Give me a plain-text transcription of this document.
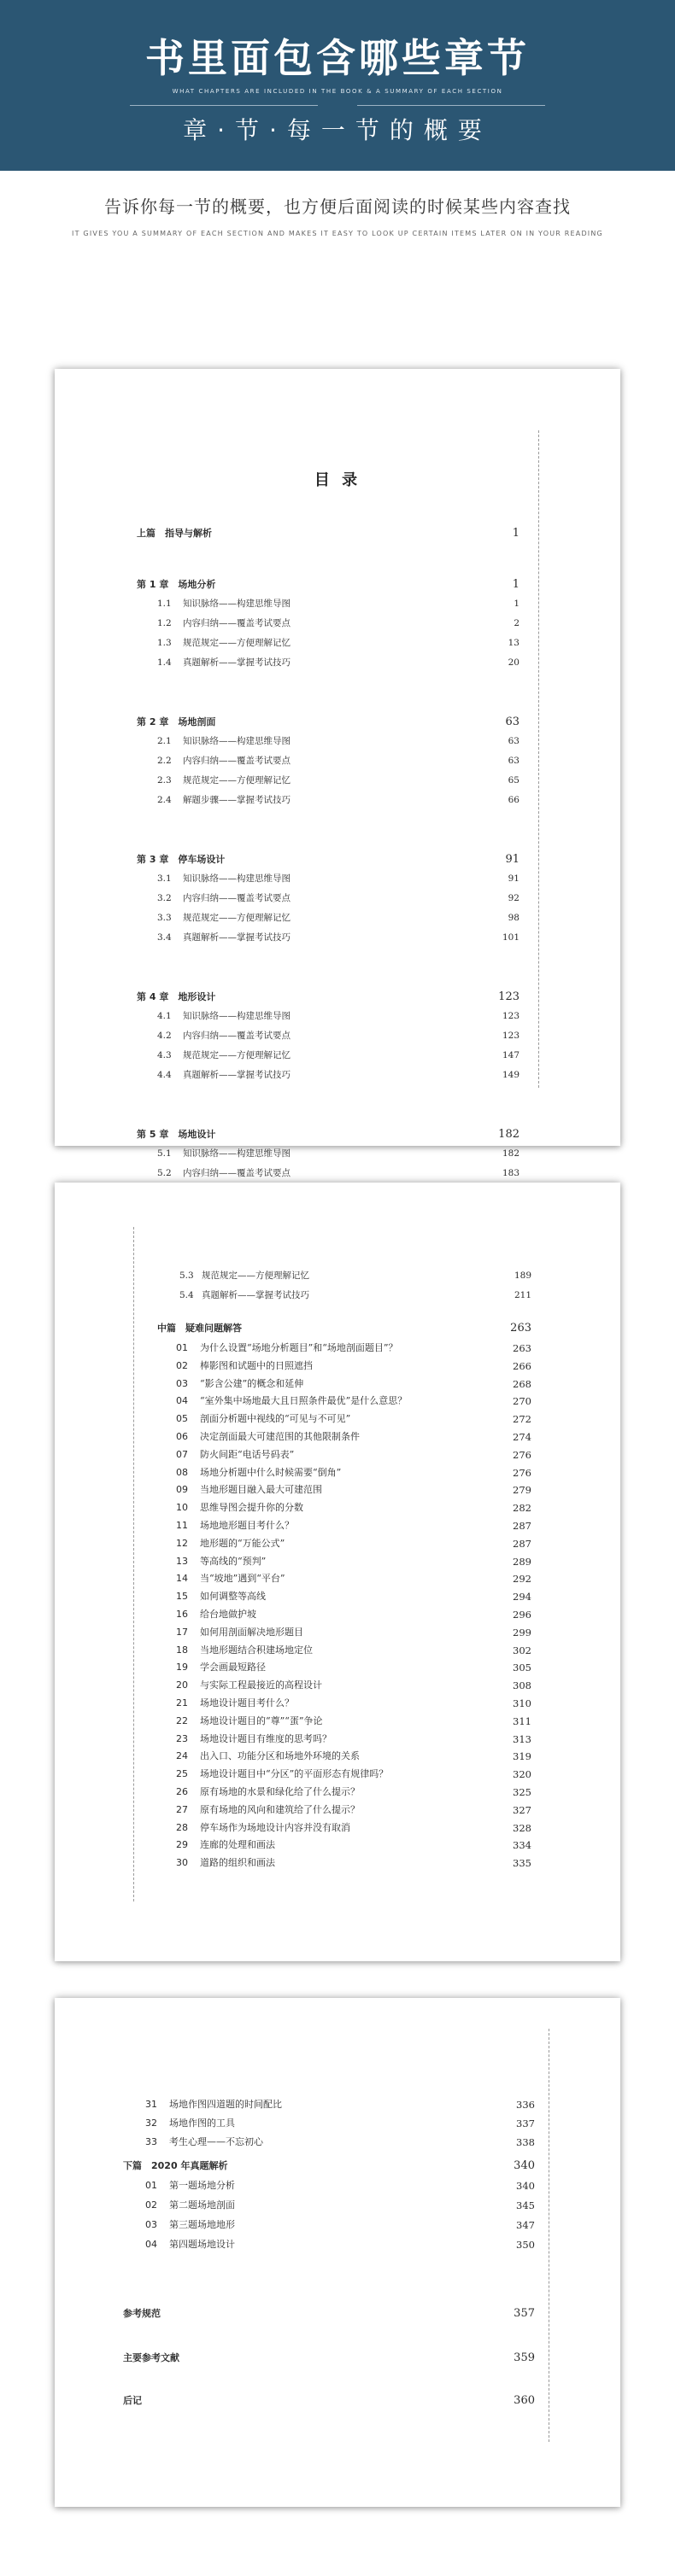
书里面包含哪些章节
WHAT CHAPTERS ARE INCLUDED IN THE BOOK & A SUMMARY OF EACH SECTION
章·节·每一节的概要
告诉你每一节的概要，也方便后面阅读的时候某些内容查找
IT GIVES YOU A SUMMARY OF EACH SECTION AND MAKES IT EASY TO LOOK UP CERTAIN ITEMS LATER ON IN YOUR READING
目 录
上篇　指导与解析	1
第 1 章　场地分析	1
1.1 知识脉络——构建思维导图	1
1.2 内容归纳——覆盖考试要点	2
1.3 规范规定——方便理解记忆	13
1.4 真题解析——掌握考试技巧	20
第 2 章　场地剖面	63
2.1 知识脉络——构建思维导图	63
2.2 内容归纳——覆盖考试要点	63
2.3 规范规定——方便理解记忆	65
2.4 解题步骤——掌握考试技巧	66
第 3 章　停车场设计	91
3.1 知识脉络——构建思维导图	91
3.2 内容归纳——覆盖考试要点	92
3.3 规范规定——方便理解记忆	98
3.4 真题解析——掌握考试技巧	101
第 4 章　地形设计	123
4.1 知识脉络——构建思维导图	123
4.2 内容归纳——覆盖考试要点	123
4.3 规范规定——方便理解记忆	147
4.4 真题解析——掌握考试技巧	149
第 5 章　场地设计	182
5.1 知识脉络——构建思维导图	182
5.2 内容归纳——覆盖考试要点	183
5.3 规范规定——方便理解记忆	189
5.4 真题解析——掌握考试技巧	211
中篇　疑难问题解答	263
01 为什么设置“场地分析题目”和“场地剖面题目”？	263
02 棒影图和试题中的日照遮挡	266
03 “影含公建”的概念和延伸	268
04 “室外集中场地最大且日照条件最优”是什么意思？	270
05 剖面分析题中视线的“可见与不可见”	272
06 决定剖面最大可建范围的其他限制条件	274
07 防火间距“电话号码表”	276
08 场地分析题中什么时候需要“倒角”	276
09 当地形题目融入最大可建范围	279
10 思维导图会提升你的分数	282
11 场地地形题目考什么？	287
12 地形题的“万能公式”	287
13 等高线的“预判”	289
14 当“坡地”遇到“平台”	292
15 如何调整等高线	294
16 给台地做护坡	296
17 如何用剖面解决地形题目	299
18 当地形题结合积建场地定位	302
19 学会画最短路径	305
20 与实际工程最接近的高程设计	308
21 场地设计题目考什么？	310
22 场地设计题目的“尊”“蛋”争论	311
23 场地设计题目有维度的思考吗？	313
24 出入口、功能分区和场地外环境的关系	319
25 场地设计题目中“分区”的平面形态有规律吗？	320
26 原有场地的水景和绿化给了什么提示？	325
27 原有场地的风向和建筑给了什么提示？	327
28 停车场作为场地设计内容并没有取消	328
29 连廊的处理和画法	334
30 道路的组织和画法	335
31 场地作图四道题的时间配比	336
32 场地作图的工具	337
33 考生心理——不忘初心	338
下篇　2020 年真题解析	340
01 第一题场地分析	340
02 第二题场地剖面	345
03 第三题场地地形	347
04 第四题场地设计	350
参考规范	357
主要参考文献	359
后记	360
